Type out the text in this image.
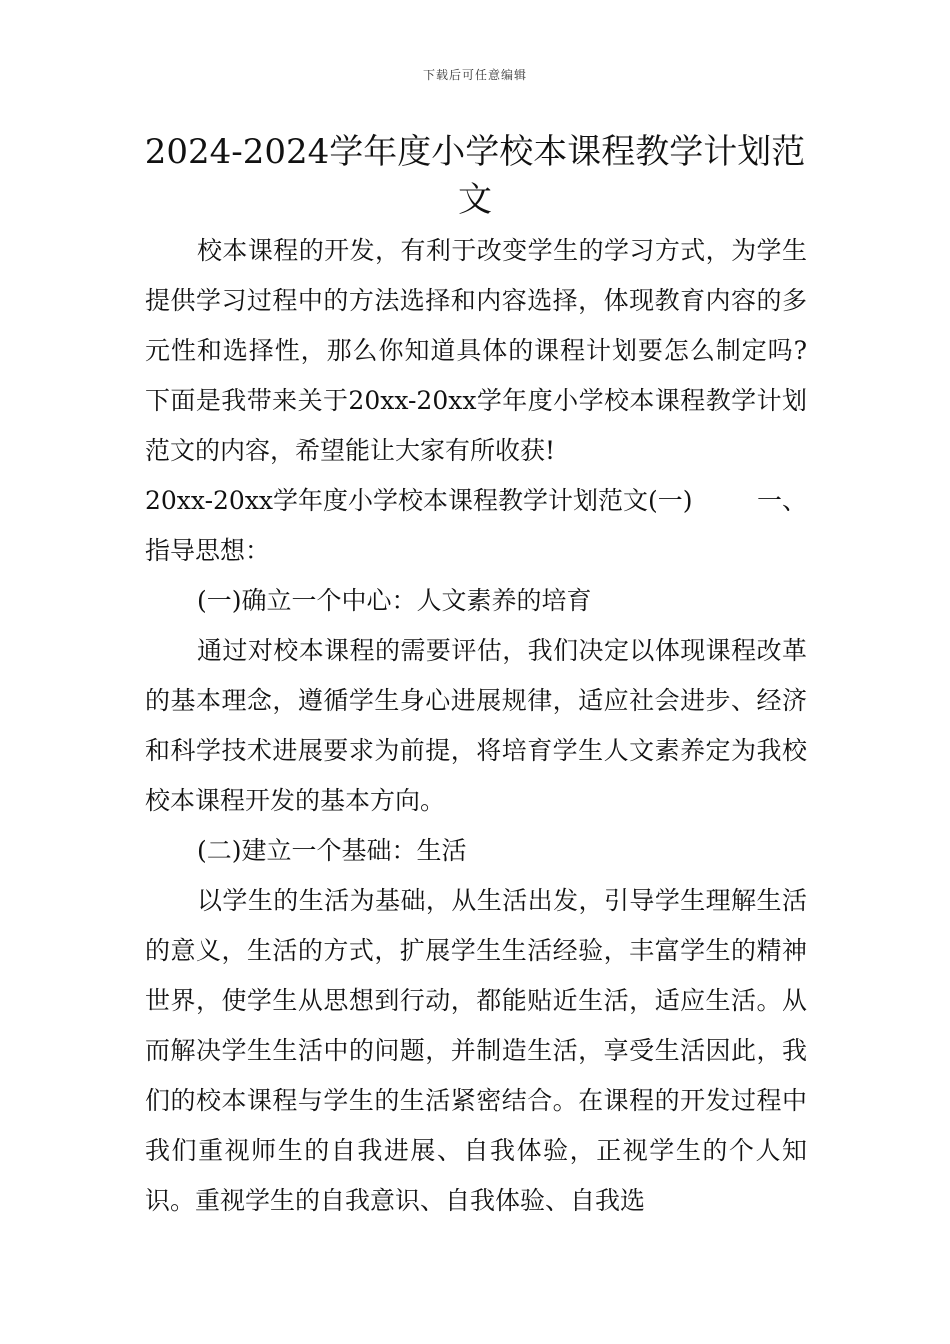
下载后可任意编辑
2024-2024学年度小学校本课程教学计划范文

校本课程的开发，有利于改变学生的学习方式，为学生提供学习过程中的方法选择和内容选择，体现教育内容的多元性和选择性，那么你知道具体的课程计划要怎么制定吗?下面是我带来关于20xx-20xx学年度小学校本课程教学计划范文的内容，希望能让大家有所收获!

20xx-20xx学年度小学校本课程教学计划范文(一)	一、

指导思想：

(一)确立一个中心：人文素养的培育

通过对校本课程的需要评估，我们决定以体现课程改革的基本理念，遵循学生身心进展规律，适应社会进步、经济和科学技术进展要求为前提，将培育学生人文素养定为我校校本课程开发的基本方向。

(二)建立一个基础：生活

以学生的生活为基础，从生活出发，引导学生理解生活的意义，生活的方式，扩展学生生活经验，丰富学生的精神世界，使学生从思想到行动，都能贴近生活，适应生活。从而解决学生生活中的问题，并制造生活，享受生活因此，我们的校本课程与学生的生活紧密结合。在课程的开发过程中我们重视师生的自我进展、自我体验，正视学生的个人知识。重视学生的自我意识、自我体验、自我选
